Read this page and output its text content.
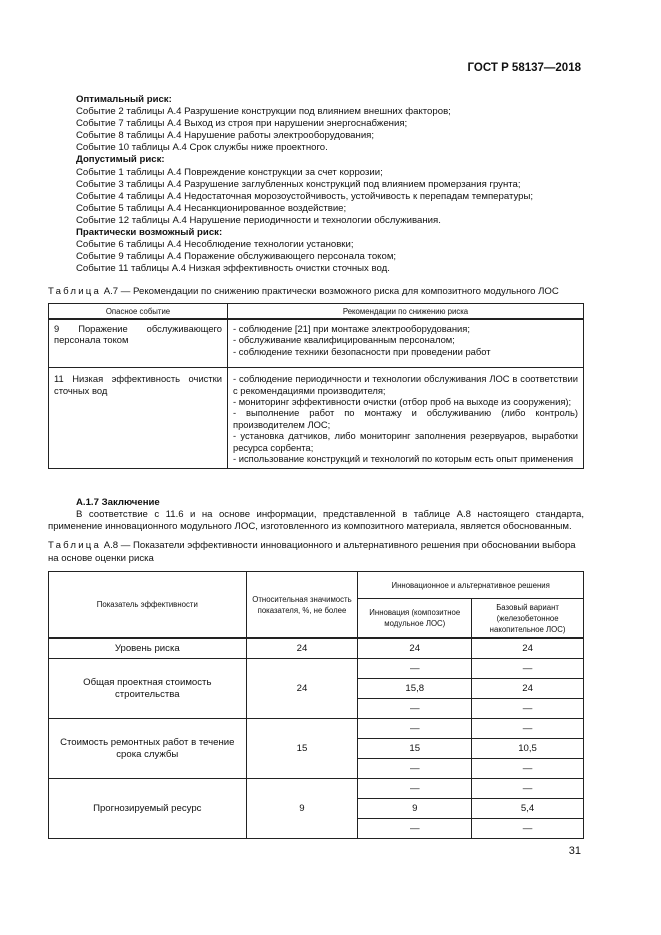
ГОСТ Р 58137—2018
Оптимальный риск:
Событие 2 таблицы А.4 Разрушение конструкции под влиянием внешних факторов;
Событие 7 таблицы А.4 Выход из строя при нарушении энергоснабжения;
Событие 8 таблицы А.4 Нарушение работы электрооборудования;
Событие 10 таблицы А.4 Срок службы ниже проектного.
Допустимый риск:
Событие 1 таблицы А.4 Повреждение конструкции за счет коррозии;
Событие 3 таблицы А.4 Разрушение заглубленных конструкций под влиянием промерзания грунта;
Событие 4 таблицы А.4 Недостаточная морозоустойчивость, устойчивость к перепадам температуры;
Событие 5 таблицы А.4 Несанкционированное воздействие;
Событие 12 таблицы А.4 Нарушение периодичности и технологии обслуживания.
Практически возможный риск:
Событие 6 таблицы А.4 Несоблюдение технологии установки;
Событие 9 таблицы А.4 Поражение обслуживающего персонала током;
Событие 11 таблицы А.4 Низкая эффективность очистки сточных вод.
Таблица А.7 — Рекомендации по снижению практически возможного риска для композитного модульного ЛОС
Опасное событие	Рекомендации по снижению риска
9 Поражение обслуживающего персонала током	- соблюдение [21] при монтаже электрооборудования;
- обслуживание квалифицированным персоналом;
- соблюдение техники безопасности при проведении работ

11 Низкая эффективность очистки сточных вод	- соблюдение периодичности и технологии обслуживания ЛОС в соответствии с рекомендациями производителя;
- мониторинг эффективности очистки (отбор проб на выходе из сооружения);
- выполнение работ по монтажу и обслуживанию (либо контроль) производителем ЛОС;
- установка датчиков, либо мониторинг заполнения резервуаров, выработки ресурса сорбента;
- использование конструкций и технологий по которым есть опыт применения
А.1.7 Заключение
В соответствие с 11.6 и на основе информации, представленной в таблице А.8 настоящего стандарта, применение инновационного модульного ЛОС, изготовленного из композитного материала, является обоснованным.
Таблица А.8 — Показатели эффективности инновационного и альтернативного решения при обосновании выбора на основе оценки риска
Показатель эффективности	Относительная значимость показателя, %, не более	Инновационное и альтернативное решения	
		Инновация (композитное модульное ЛОС)	Базовый вариант (железобетонное накопительное ЛОС)
Уровень риска	24	24	24
Общая проектная стоимость строительства	24	—	—
		15,8	24
		—	—
Стоимость ремонтных работ в течение срока службы	15	—	—
		15	10,5
		—	—
Прогнозируемый ресурс	9	—	—
		9	5,4
		—	—
31
